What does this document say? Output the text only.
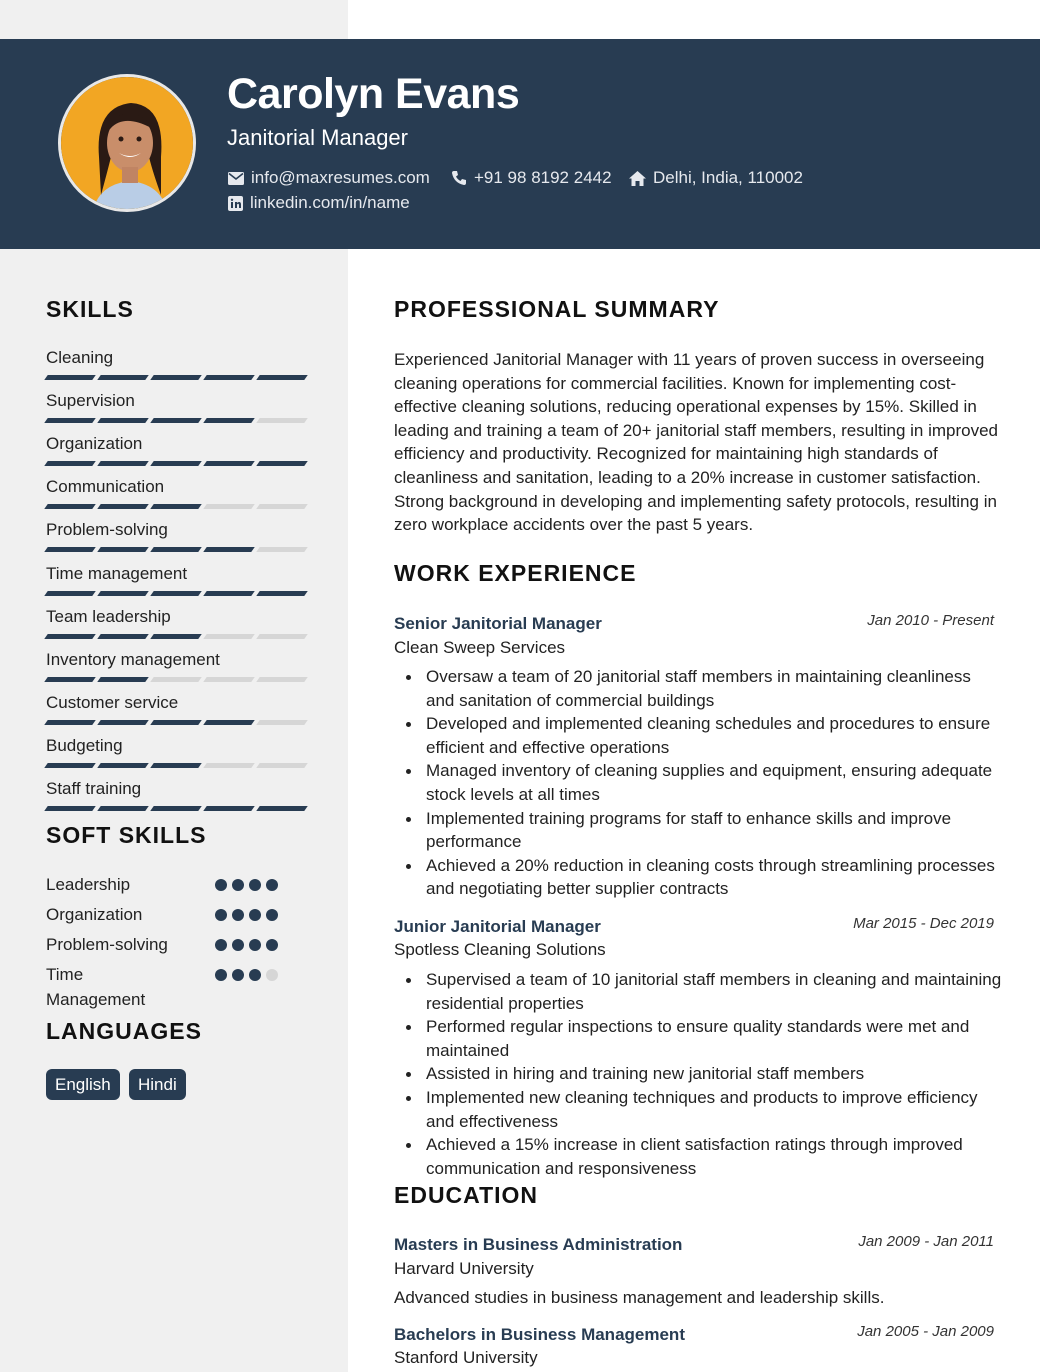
Carolyn Evans
Janitorial Manager
info@maxresumes.com	+91 98 8192 2442 Delhi, India, 110002
linkedin.com/in/name
SKILLS
Cleaning
Supervision
Organization
Communication
Problem-solving
Time management
Team leadership
Inventory management
Customer service
Budgeting
Staff training
SOFT SKILLS
Leadership
Organization
Problem-solving
Time Management
LANGUAGES
English	Hindi
PROFESSIONAL SUMMARY
Experienced Janitorial Manager with 11 years of proven success in overseeing cleaning operations for commercial facilities. Known for implementing cost-effective cleaning solutions, reducing operational expenses by 15%. Skilled in leading and training a team of 20+ janitorial staff members, resulting in improved efficiency and productivity. Recognized for maintaining high standards of cleanliness and sanitation, leading to a 20% increase in customer satisfaction. Strong background in developing and implementing safety protocols, resulting in zero workplace accidents over the past 5 years.
WORK EXPERIENCE
Senior Janitorial Manager	Jan 2010 - Present
Clean Sweep Services
Oversaw a team of 20 janitorial staff members in maintaining cleanliness and sanitation of commercial buildings
Developed and implemented cleaning schedules and procedures to ensure efficient and effective operations
Managed inventory of cleaning supplies and equipment, ensuring adequate stock levels at all times
Implemented training programs for staff to enhance skills and improve performance
Achieved a 20% reduction in cleaning costs through streamlining processes and negotiating better supplier contracts
Junior Janitorial Manager	Mar 2015 - Dec 2019
Spotless Cleaning Solutions
Supervised a team of 10 janitorial staff members in cleaning and maintaining residential properties
Performed regular inspections to ensure quality standards were met and maintained
Assisted in hiring and training new janitorial staff members
Implemented new cleaning techniques and products to improve efficiency and effectiveness
Achieved a 15% increase in client satisfaction ratings through improved communication and responsiveness
EDUCATION
Masters in Business Administration	Jan 2009 - Jan 2011
Harvard University
Advanced studies in business management and leadership skills.
Bachelors in Business Management	Jan 2005 - Jan 2009
Stanford University
